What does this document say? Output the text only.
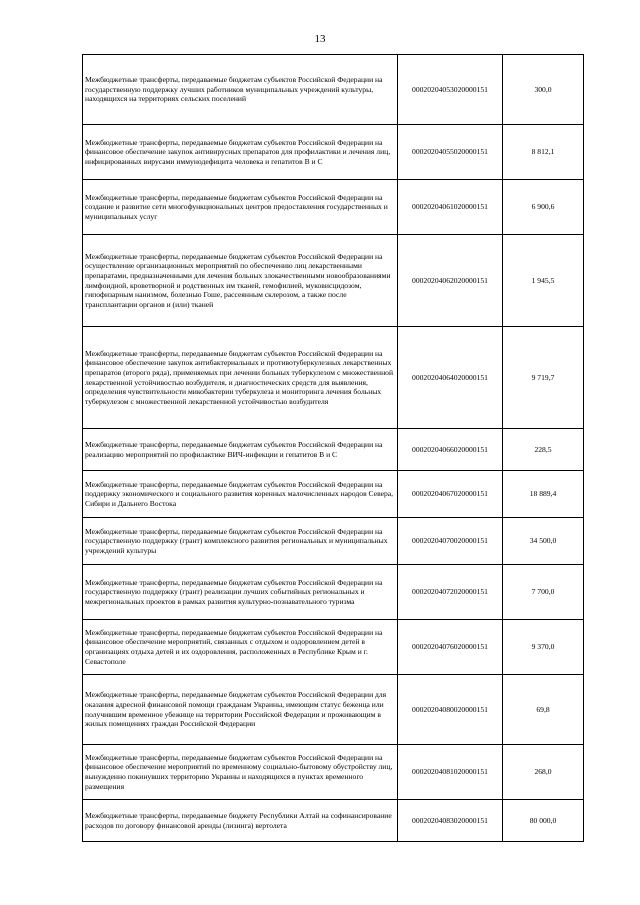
13
Межбюджетные трансферты, передаваемые бюджетам субъектов Российской Федерации на государственную поддержку лучших работников муниципальных учреждений культуры, находящихся на территориях сельских поселений	00020204053020000151	300,0
Межбюджетные трансферты, передаваемые бюджетам субъектов Российской Федерации на финансовое обеспечение закупок антивирусных препаратов для профилактики и лечения лиц, инфицированных вирусами иммунодефицита человека и гепатитов В и С	00020204055020000151	8 812,1
Межбюджетные трансферты, передаваемые бюджетам субъектов Российской Федерации на создание и развитие сети многофункциональных центров предоставления государственных и муниципальных услуг	00020204061020000151	6 900,6
Межбюджетные трансферты, передаваемые бюджетам субъектов Российской Федерации на осуществление организационных мероприятий по обеспечению лиц лекарственными препаратами, предназначенными для лечения больных злокачественными новообразованиями лимфоидной, кроветворной и родственных им тканей, гемофилией, муковисцидозом, гипофизарным нанизмом, болезнью Гоше, рассеянным склерозом, а также после трансплантации органов и (или) тканей	00020204062020000151	1 945,5
Межбюджетные трансферты, передаваемые бюджетам субъектов Российской Федерации на финансовое обеспечение закупок антибактериальных и противотуберкулезных лекарственных препаратов (второго ряда), применяемых при лечении больных туберкулезом с множественной лекарственной устойчивостью возбудителя, и диагностических средств для выявления, определения чувствительности микобактерии туберкулеза и мониторинга лечения больных туберкулезом с множественной лекарственной устойчивостью возбудителя	00020204064020000151	9 719,7
Межбюджетные трансферты, передаваемые бюджетам субъектов Российской Федерации на реализацию мероприятий по профилактике ВИЧ-инфекции и гепатитов В и С	00020204066020000151	228,5
Межбюджетные трансферты, передаваемые бюджетам субъектов Российской Федерации на поддержку экономического и социального развития коренных малочисленных народов Севера, Сибири и Дальнего Востока	00020204067020000151	18 889,4
Межбюджетные трансферты, передаваемые бюджетам субъектов Российской Федерации на государственную поддержку (грант) комплексного развития региональных и муниципальных учреждений культуры	00020204070020000151	34 500,0
Межбюджетные трансферты, передаваемые бюджетам субъектов Российской Федерации на государственную поддержку (грант) реализации лучших событийных региональных и межрегиональных проектов в рамках развития культурно-познавательного туризма	00020204072020000151	7 700,0
Межбюджетные трансферты, передаваемые бюджетам субъектов Российской Федерации на финансовое обеспечение мероприятий, связанных с отдыхом и оздоровлением детей в организациях отдыха детей и их оздоровления, расположенных в Республике Крым и г. Севастополе	00020204076020000151	9 370,0
Межбюджетные трансферты, передаваемые бюджетам субъектов Российской Федерации для оказания адресной финансовой помощи гражданам Украины, имеющим статус беженца или получившим временное убежище на территории Российской Федерации и проживающим в жилых помещениях граждан Российской Федерации	00020204080020000151	69,8
Межбюджетные трансферты, передаваемые бюджетам субъектов Российской Федерации на финансовое обеспечение мероприятий по временному социально-бытовому обустройству лиц, вынужденно покинувших территорию Украины и находящихся в пунктах временного размещения	00020204081020000151	268,0
Межбюджетные трансферты, передаваемые бюджету Республики Алтай на софинансирование расходов по договору финансовой аренды (лизинга) вертолета	00020204083020000151	80 000,0
